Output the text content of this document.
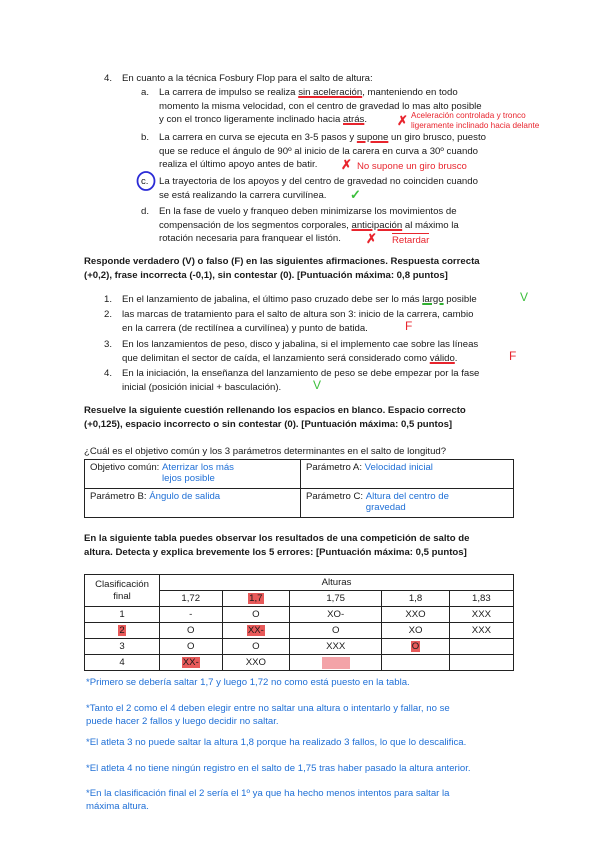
4. En cuanto a la técnica Fosbury Flop para el salto de altura:
a. La carrera de impulso se realiza sin aceleración, manteniendo en todo
momento la misma velocidad, con el centro de gravedad lo mas alto posible
y con el tronco ligeramente inclinado hacia atrás.	✗ Aceleración controlada y tronco
ligeramente inclinado hacia delante
b. La carrera en curva se ejecuta en 3-5 pasos y supone un giro brusco, puesto
que se reduce el ángulo de 90º al inicio de la carera en curva a 30º cuando
realiza el último apoyo antes de batir.	✗ No supone un giro brusco
c. La trayectoria de los apoyos y del centro de gravedad no coinciden cuando
se está realizando la carrera curvilínea.	✓
d. En la fase de vuelo y franqueo deben minimizarse los movimientos de
compensación de los segmentos corporales, anticipación al máximo la
rotación necesaria para franquear el listón.	✗ Retardar
Responde verdadero (V) o falso (F) en las siguientes afirmaciones. Respuesta correcta
(+0,2), frase incorrecta (-0,1), sin contestar (0). [Puntuación máxima: 0,8 puntos]
1. En el lanzamiento de jabalina, el último paso cruzado debe ser lo más largo posible	V
2. las marcas de tratamiento para el salto de altura son 3: inicio de la carrera, cambio
en la carrera (de rectilínea a curvilínea) y punto de batida.	F
3. En los lanzamientos de peso, disco y jabalina, si el implemento cae sobre las líneas
que delimitan el sector de caída, el lanzamiento será considerado como válido.	F
4. En la iniciación, la enseñanza del lanzamiento de peso se debe empezar por la fase
inicial (posición inicial + basculación).	V
Resuelve la siguiente cuestión rellenando los espacios en blanco. Espacio correcto
(+0,125), espacio incorrecto o sin contestar (0). [Puntuación máxima: 0,5 puntos]
¿Cuál es el objetivo común y los 3 parámetros determinantes en el salto de longitud?
Objetivo común: Aterrizar los más lejos posible	Parámetro A: Velocidad inicial
Parámetro B: Ángulo de salida	Parámetro C: Altura del centro de gravedad
En la siguiente tabla puedes observar los resultados de una competición de salto de
altura. Detecta y explica brevemente los 5 errores: [Puntuación máxima: 0,5 puntos]
Clasificación
final	Alturas				
	1,72	1,7	1,75	1,8	1,83
1	-	O	XO-	XXO	XXX
2	O	XX-	O	XO	XXX
3	O	O	XXX	O	
4	XX-	XXO			
*Primero se debería saltar 1,7 y luego 1,72 no como está puesto en la tabla.
*Tanto el 2 como el 4 deben elegir entre no saltar una altura o intentarlo y fallar, no se
puede hacer 2 fallos y luego decidir no saltar.
*El atleta 3 no puede saltar la altura 1,8 porque ha realizado 3 fallos, lo que lo descalifica.
*El atleta 4 no tiene ningún registro en el salto de 1,75 tras haber pasado la altura anterior.
*En la clasificación final el 2 sería el 1º ya que ha hecho menos intentos para saltar la
máxima altura.
